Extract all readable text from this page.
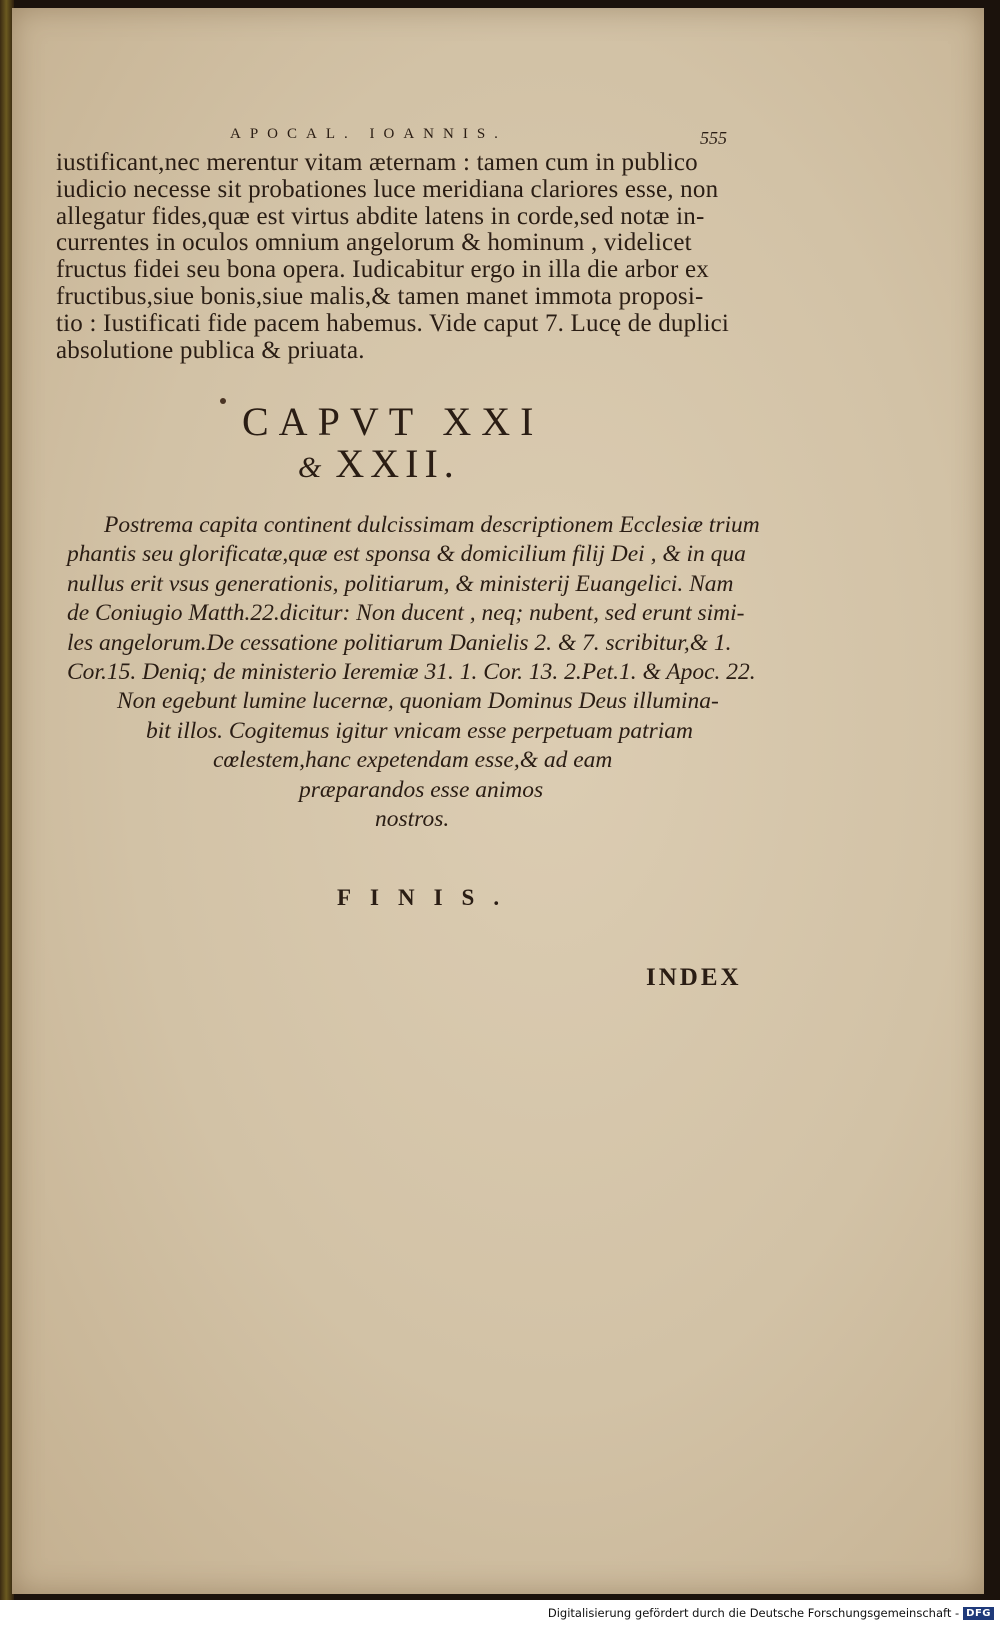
APOCAL. IOANNIS.	555
iustificant,nec merentur vitam æternam : tamen cum in publico
iudicio necesse sit probationes luce meridiana clariores esse, non
allegatur fides,quæ est virtus abdite latens in corde,sed notæ in-
currentes in oculos omnium angelorum & hominum , videlicet
fructus fidei seu bona opera. Iudicabitur ergo in illa die arbor ex
fructibus,siue bonis,siue malis,& tamen manet immota proposi-
tio : Iustificati fide pacem habemus. Vide caput 7. Lucę de duplici
absolutione publica & priuata.
CAPVT XXI
& XXII.
Postrema capita continent dulcissimam descriptionem Ecclesiæ trium
phantis seu glorificatæ,quæ est sponsa & domicilium filij Dei , & in qua
nullus erit vsus generationis, politiarum, & ministerij Euangelici. Nam
de Coniugio Matth.22.dicitur: Non ducent , neq; nubent, sed erunt simi-
les angelorum.De cessatione politiarum Danielis 2. & 7. scribitur,& 1.
Cor.15. Deniq; de ministerio Ieremiæ 31. 1. Cor. 13. 2.Pet.1. & Apoc. 22.
Non egebunt lumine lucernæ, quoniam Dominus Deus illumina-
bit illos. Cogitemus igitur vnicam esse perpetuam patriam
cœlestem,hanc expetendam esse,& ad eam
præparandos esse animos
nostros.
FINIS.
INDEX
Digitalisierung gefördert durch die Deutsche Forschungsgemeinschaft - DFG
